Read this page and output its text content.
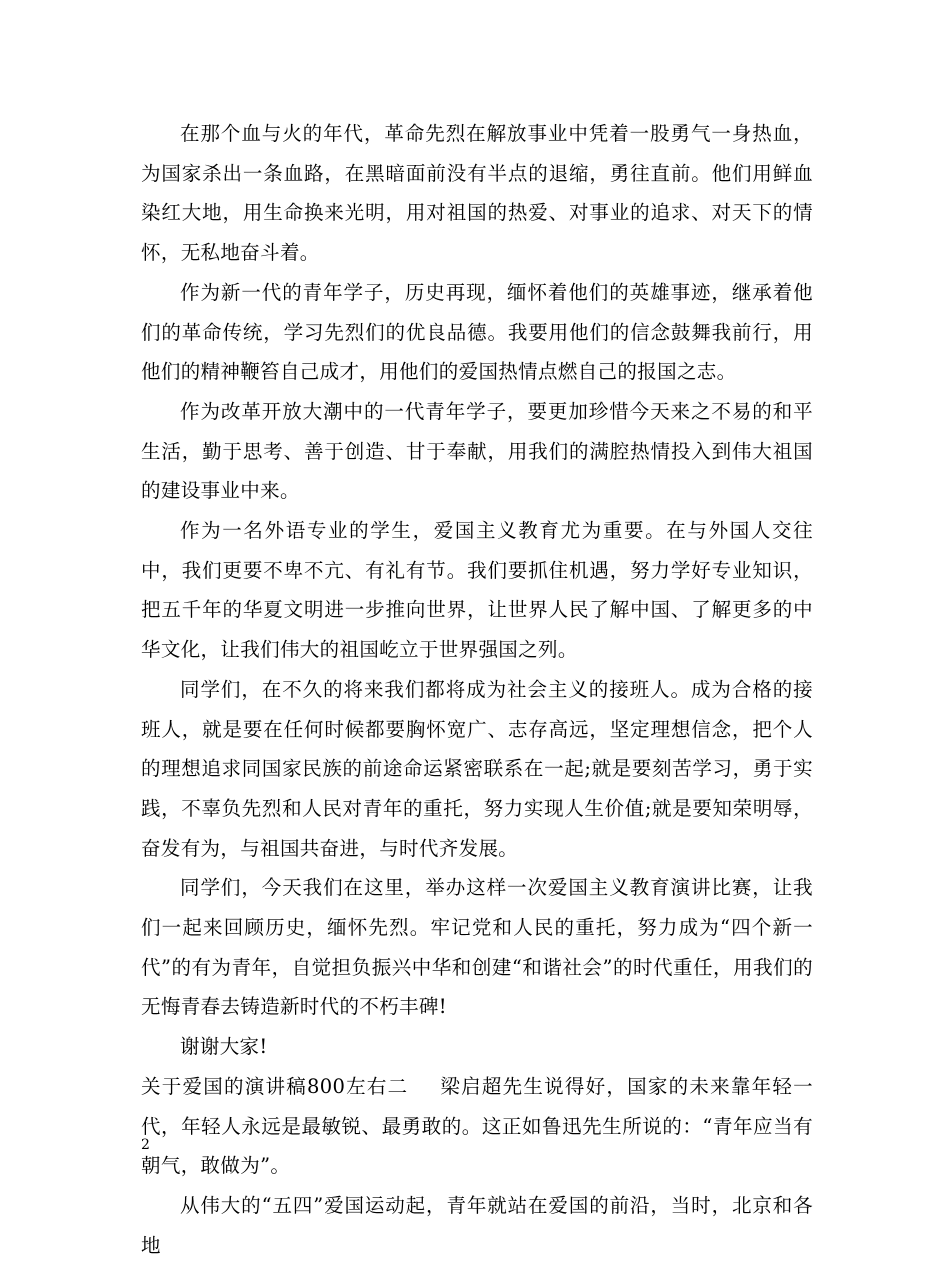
在那个血与火的年代，革命先烈在解放事业中凭着一股勇气一身热血，为国家杀出一条血路，在黑暗面前没有半点的退缩，勇往直前。他们用鲜血染红大地，用生命换来光明，用对祖国的热爱、对事业的追求、对天下的情怀，无私地奋斗着。

作为新一代的青年学子，历史再现，缅怀着他们的英雄事迹，继承着他们的革命传统，学习先烈们的优良品德。我要用他们的信念鼓舞我前行，用他们的精神鞭笞自己成才，用他们的爱国热情点燃自己的报国之志。

作为改革开放大潮中的一代青年学子，要更加珍惜今天来之不易的和平生活，勤于思考、善于创造、甘于奉献，用我们的满腔热情投入到伟大祖国的建设事业中来。

作为一名外语专业的学生，爱国主义教育尤为重要。在与外国人交往中，我们更要不卑不亢、有礼有节。我们要抓住机遇，努力学好专业知识，把五千年的华夏文明进一步推向世界，让世界人民了解中国、了解更多的中华文化，让我们伟大的祖国屹立于世界强国之列。

同学们，在不久的将来我们都将成为社会主义的接班人。成为合格的接班人，就是要在任何时候都要胸怀宽广、志存高远，坚定理想信念，把个人的理想追求同国家民族的前途命运紧密联系在一起;就是要刻苦学习，勇于实践，不辜负先烈和人民对青年的重托，努力实现人生价值;就是要知荣明辱，奋发有为，与祖国共奋进，与时代齐发展。

同学们，今天我们在这里，举办这样一次爱国主义教育演讲比赛，让我们一起来回顾历史，缅怀先烈。牢记党和人民的重托，努力成为“四个新一代”的有为青年，自觉担负振兴中华和创建“和谐社会”的时代重任，用我们的无悔青春去铸造新时代的不朽丰碑!

谢谢大家!

关于爱国的演讲稿800左右二 梁启超先生说得好，国家的未来靠年轻一代，年轻人永远是最敏锐、最勇敢的。这正如鲁迅先生所说的：“青年应当有朝气，敢做为”。

从伟大的“五四”爱国运动起，青年就站在爱国的前沿，当时，北京和各地

2
